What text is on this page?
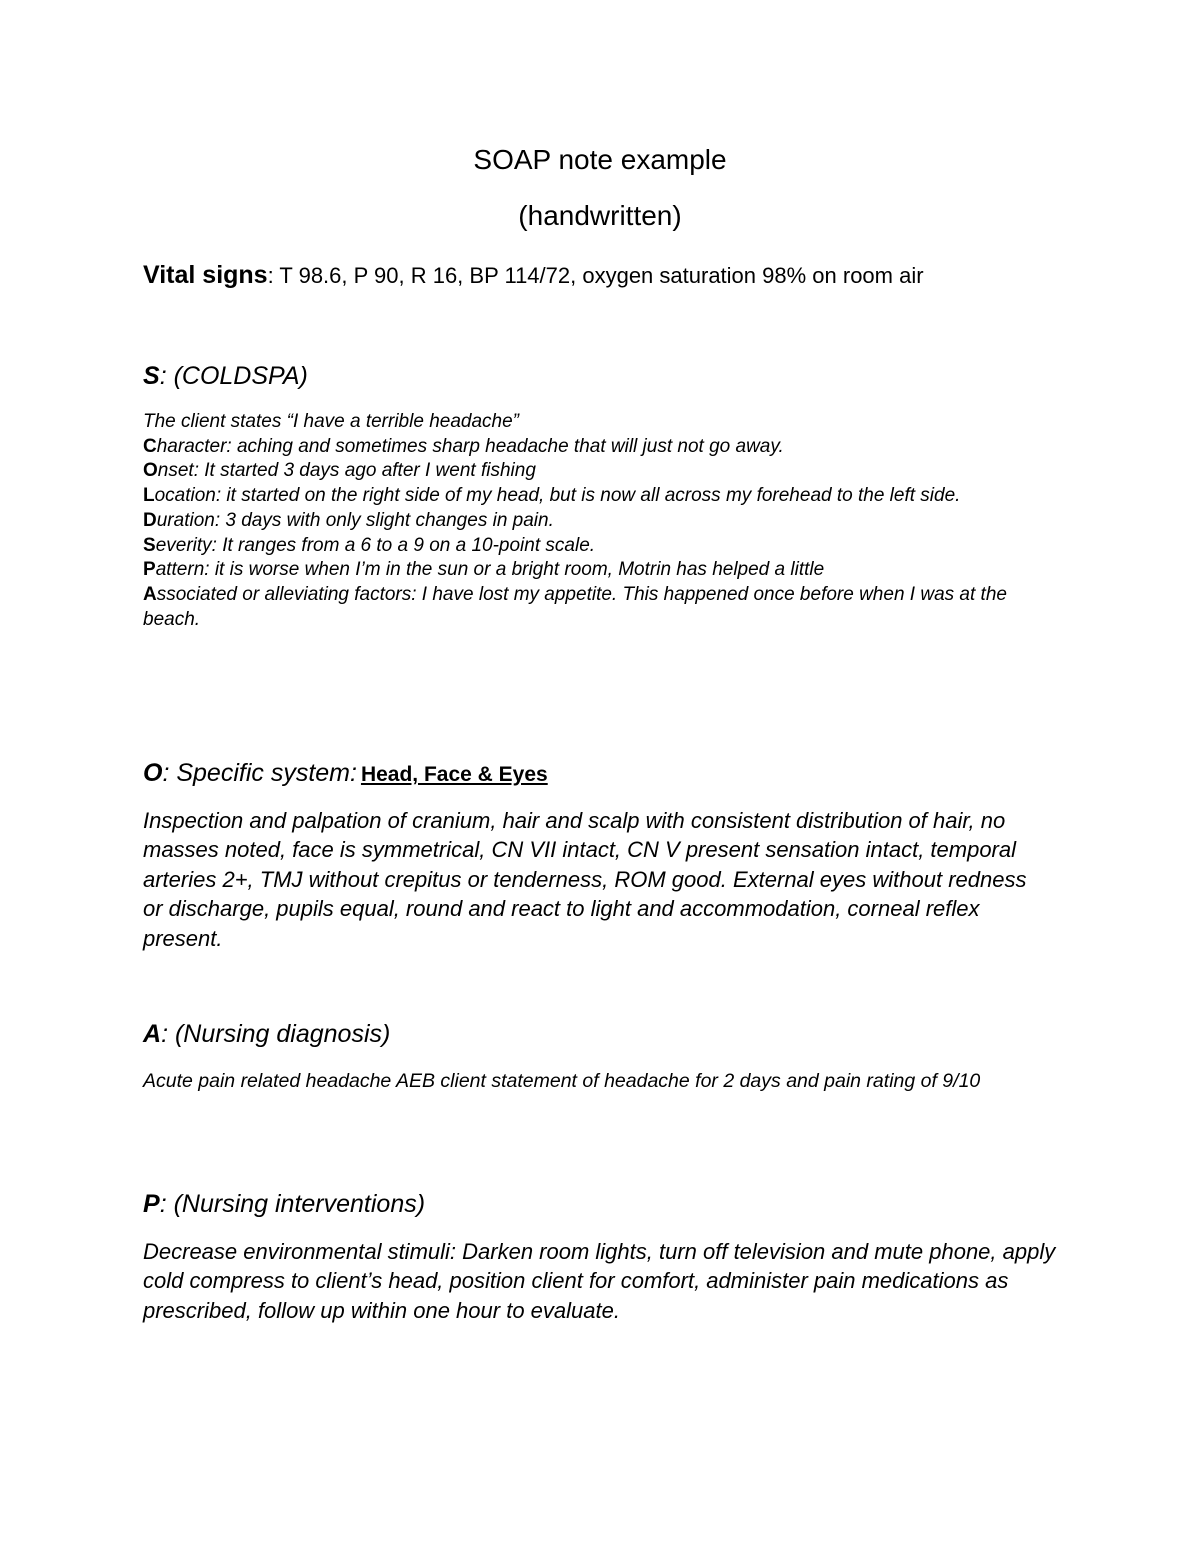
SOAP note example
(handwritten)

Vital signs: T 98.6, P 90, R 16, BP 114/72, oxygen saturation 98% on room air

S: (COLDSPA)
The client states “I have a terrible headache”
Character: aching and sometimes sharp headache that will just not go away.
Onset: It started 3 days ago after I went fishing
Location: it started on the right side of my head, but is now all across my forehead to the left side.
Duration: 3 days with only slight changes in pain.
Severity: It ranges from a 6 to a 9 on a 10-point scale.
Pattern: it is worse when I’m in the sun or a bright room, Motrin has helped a little
Associated or alleviating factors: I have lost my appetite. This happened once before when I was at the beach.
O: Specific system: Head, Face & Eyes

Inspection and palpation of cranium, hair and scalp with consistent distribution of hair, no masses noted, face is symmetrical, CN VII intact, CN V present sensation intact, temporal arteries 2+, TMJ without crepitus or tenderness, ROM good. External eyes without redness or discharge, pupils equal, round and react to light and accommodation, corneal reflex present.

A: (Nursing diagnosis)

Acute pain related headache AEB client statement of headache for 2 days and pain rating of 9/10

P: (Nursing interventions)

Decrease environmental stimuli: Darken room lights, turn off television and mute phone, apply cold compress to client’s head, position client for comfort, administer pain medications as prescribed, follow up within one hour to evaluate.
